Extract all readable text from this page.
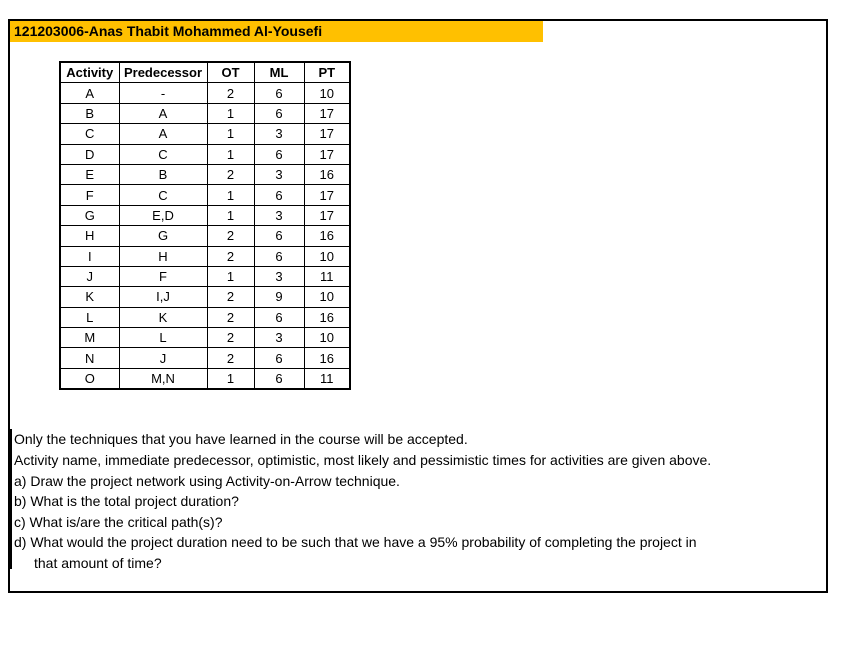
121203006-Anas Thabit Mohammed Al-Yousefi
Activity	Predecessor	OT	ML	PT
A	-	2	6	10
B	A	1	6	17
C	A	1	3	17
D	C	1	6	17
E	B	2	3	16
F	C	1	6	17
G	E,D	1	3	17
H	G	2	6	16
I	H	2	6	10
J	F	1	3	11
K	I,J	2	9	10
L	K	2	6	16
M	L	2	3	10
N	J	2	6	16
O	M,N	1	6	11
Only the techniques that you have learned in the course will be accepted.
Activity name, immediate predecessor, optimistic, most likely and pessimistic times for activities are given above.
a) Draw the project network using Activity-on-Arrow technique.
b) What is the total project duration?
c) What is/are the critical path(s)?
d) What would the project duration need to be such that we have a 95% probability of completing the project in
that amount of time?
